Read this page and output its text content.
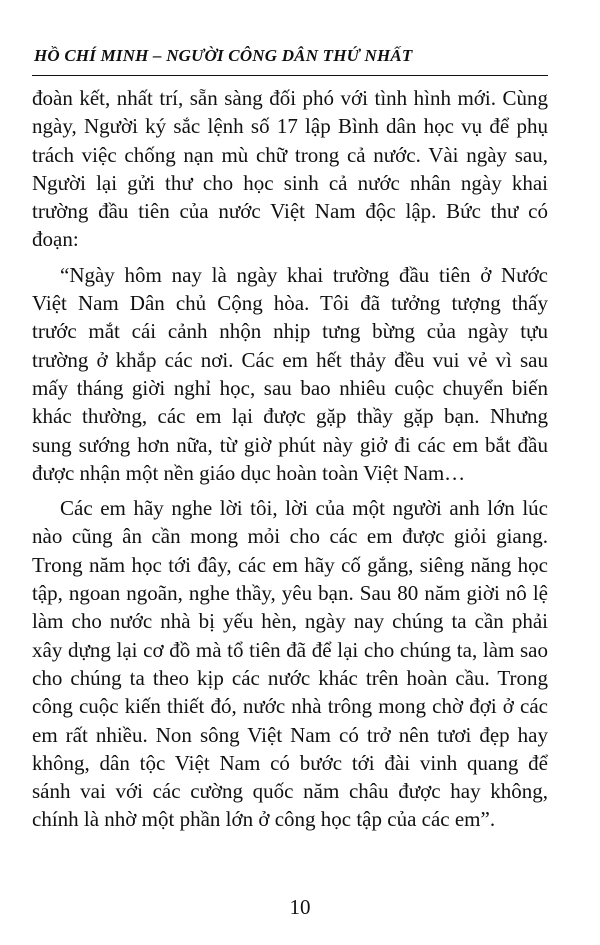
HỒ CHÍ MINH – NGƯỜI CÔNG DÂN THỨ NHẤT

đoàn kết, nhất trí, sẵn sàng đối phó với tình hình mới. Cùng
ngày, Người ký sắc lệnh số 17 lập Bình dân học vụ để phụ
trách việc chống nạn mù chữ trong cả nước. Vài ngày sau,
Người lại gửi thư cho học sinh cả nước nhân ngày khai
trường đầu tiên của nước Việt Nam độc lập. Bức thư có
đoạn:

“Ngày hôm nay là ngày khai trường đầu tiên ở Nước
Việt Nam Dân chủ Cộng hòa. Tôi đã tưởng tượng thấy
trước mắt cái cảnh nhộn nhịp tưng bừng của ngày tựu
trường ở khắp các nơi. Các em hết thảy đều vui vẻ vì sau
mấy tháng giời nghỉ học, sau bao nhiêu cuộc chuyển biến
khác thường, các em lại được gặp thầy gặp bạn. Nhưng
sung sướng hơn nữa, từ giờ phút này giở đi các em bắt đầu
được nhận một nền giáo dục hoàn toàn Việt Nam…

Các em hãy nghe lời tôi, lời của một người anh lớn lúc
nào cũng ân cần mong mỏi cho các em được giỏi giang.
Trong năm học tới đây, các em hãy cố gắng, siêng năng học
tập, ngoan ngoãn, nghe thầy, yêu bạn. Sau 80 năm giời nô lệ
làm cho nước nhà bị yếu hèn, ngày nay chúng ta cần phải
xây dựng lại cơ đồ mà tổ tiên đã để lại cho chúng ta, làm sao
cho chúng ta theo kịp các nước khác trên hoàn cầu. Trong
công cuộc kiến thiết đó, nước nhà trông mong chờ đợi ở các
em rất nhiều. Non sông Việt Nam có trở nên tươi đẹp hay
không, dân tộc Việt Nam có bước tới đài vinh quang để
sánh vai với các cường quốc năm châu được hay không,
chính là nhờ một phần lớn ở công học tập của các em”.

10
